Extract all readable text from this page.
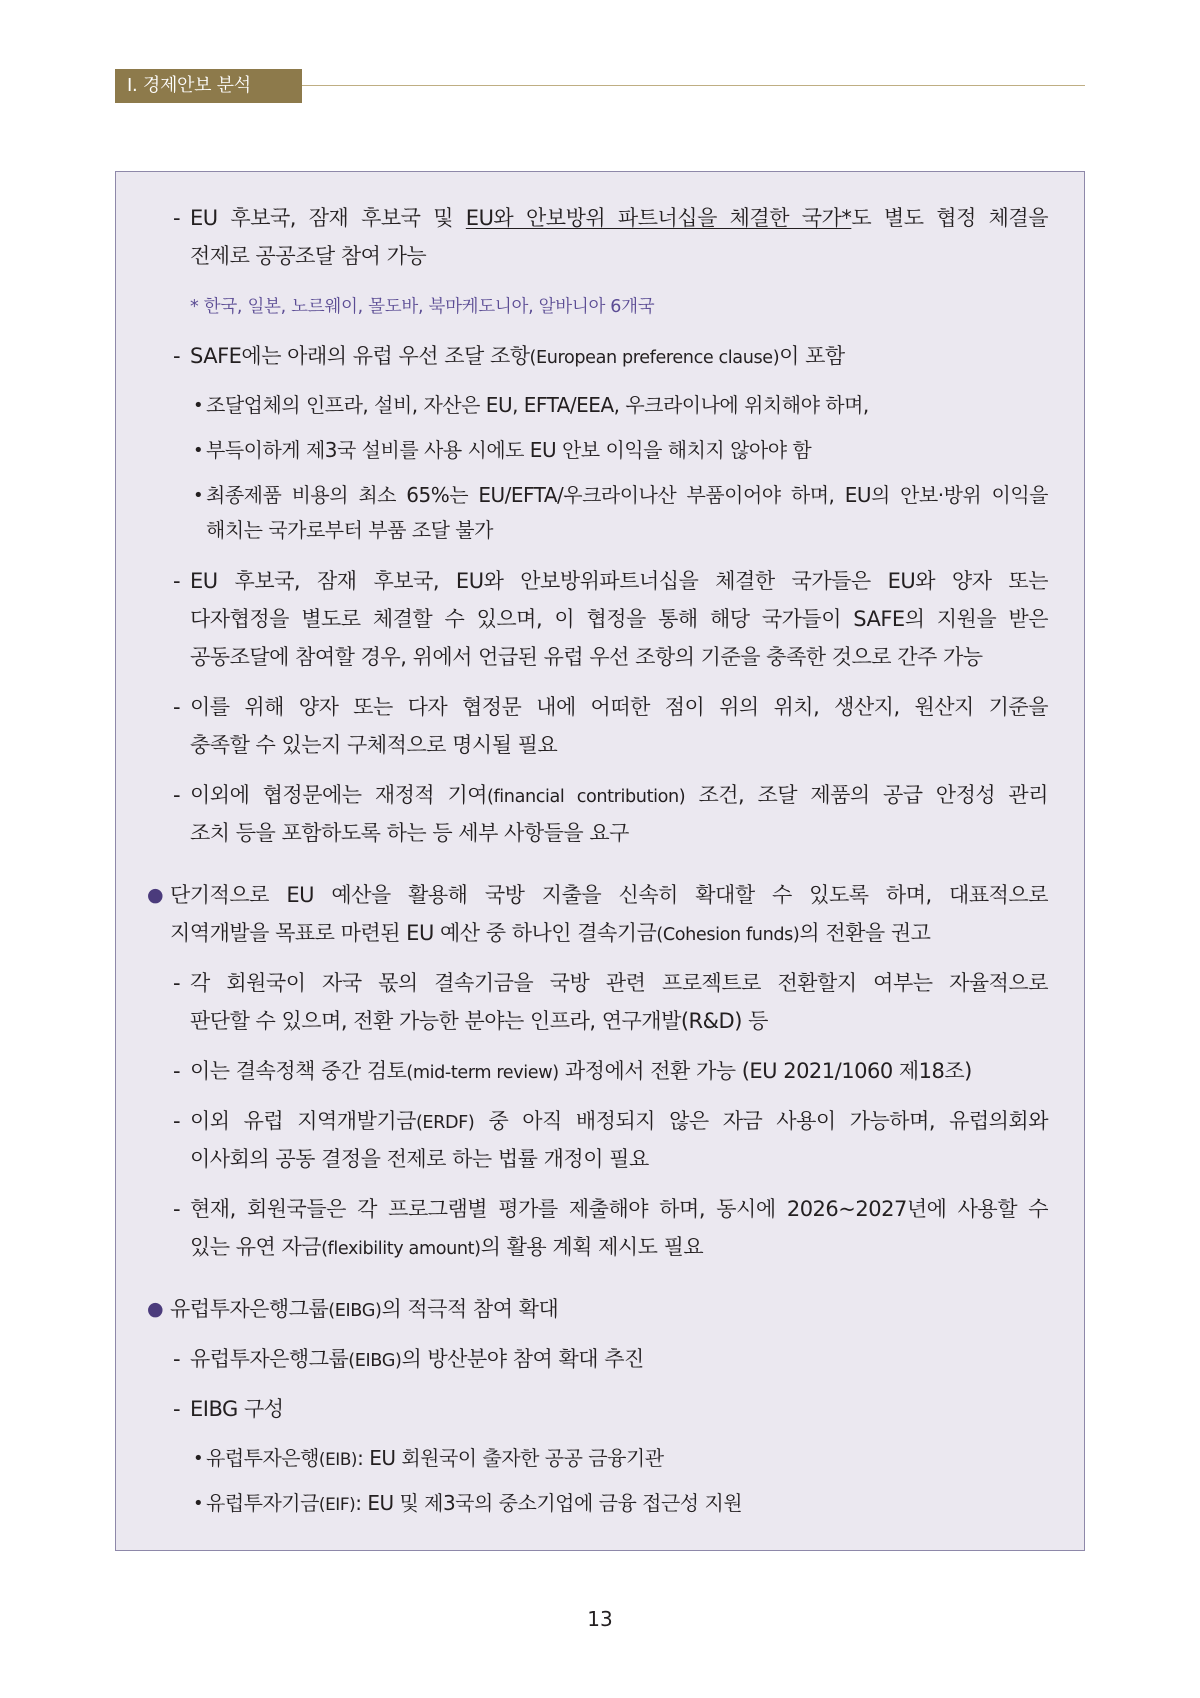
Ⅰ. 경제안보 분석
- EU 후보국, 잠재 후보국 및 EU와 안보방위 파트너십을 체결한 국가*도 별도 협정 체결을
전제로 공공조달 참여 가능
* 한국, 일본, 노르웨이, 몰도바, 북마케도니아, 알바니아 6개국
- SAFE에는 아래의 유럽 우선 조달 조항(European preference clause)이 포함
• 조달업체의 인프라, 설비, 자산은 EU, EFTA/EEA, 우크라이나에 위치해야 하며,
• 부득이하게 제3국 설비를 사용 시에도 EU 안보 이익을 해치지 않아야 함
• 최종제품 비용의 최소 65%는 EU/EFTA/우크라이나산 부품이어야 하며, EU의 안보·방위 이익을
해치는 국가로부터 부품 조달 불가
- EU 후보국, 잠재 후보국, EU와 안보방위파트너십을 체결한 국가들은 EU와 양자 또는
다자협정을 별도로 체결할 수 있으며, 이 협정을 통해 해당 국가들이 SAFE의 지원을 받은
공동조달에 참여할 경우, 위에서 언급된 유럽 우선 조항의 기준을 충족한 것으로 간주 가능
- 이를 위해 양자 또는 다자 협정문 내에 어떠한 점이 위의 위치, 생산지, 원산지 기준을
충족할 수 있는지 구체적으로 명시될 필요
- 이외에 협정문에는 재정적 기여(financial contribution) 조건, 조달 제품의 공급 안정성 관리
조치 등을 포함하도록 하는 등 세부 사항들을 요구
● 단기적으로 EU 예산을 활용해 국방 지출을 신속히 확대할 수 있도록 하며, 대표적으로
지역개발을 목표로 마련된 EU 예산 중 하나인 결속기금(Cohesion funds)의 전환을 권고
- 각 회원국이 자국 몫의 결속기금을 국방 관련 프로젝트로 전환할지 여부는 자율적으로
판단할 수 있으며, 전환 가능한 분야는 인프라, 연구개발(R&D) 등
- 이는 결속정책 중간 검토(mid-term review) 과정에서 전환 가능 (EU 2021/1060 제18조)
- 이외 유럽 지역개발기금(ERDF) 중 아직 배정되지 않은 자금 사용이 가능하며, 유럽의회와
이사회의 공동 결정을 전제로 하는 법률 개정이 필요
- 현재, 회원국들은 각 프로그램별 평가를 제출해야 하며, 동시에 2026~2027년에 사용할 수
있는 유연 자금(flexibility amount)의 활용 계획 제시도 필요
● 유럽투자은행그룹(EIBG)의 적극적 참여 확대
- 유럽투자은행그룹(EIBG)의 방산분야 참여 확대 추진
- EIBG 구성
• 유럽투자은행(EIB): EU 회원국이 출자한 공공 금융기관
• 유럽투자기금(EIF): EU 및 제3국의 중소기업에 금융 접근성 지원
13
